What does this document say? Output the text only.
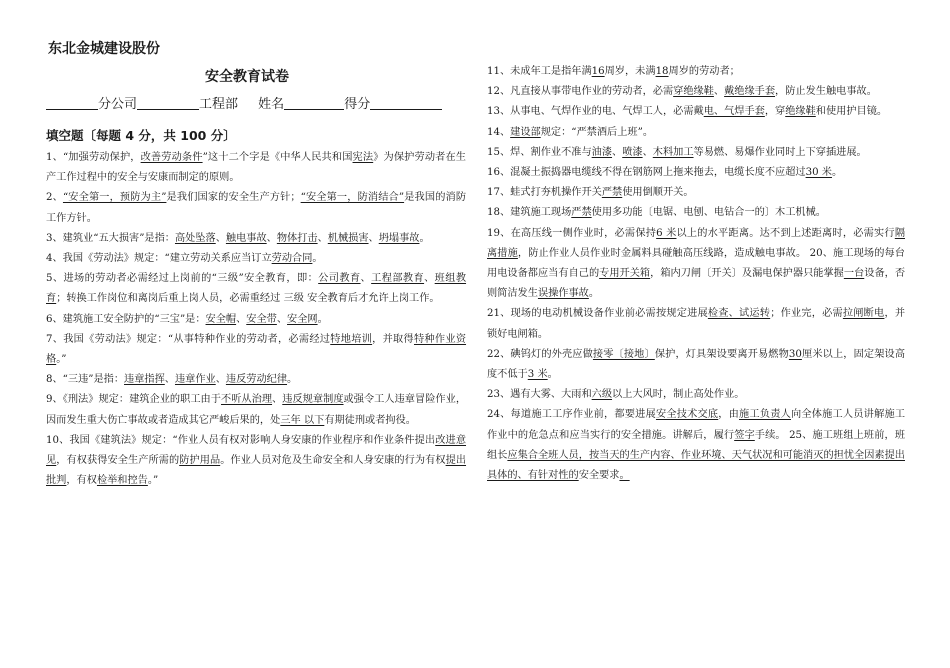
东北金城建设股份
安全教育试卷
分公司	工程部 姓名	得分
填空题〔每题 4 分，共 100 分〕

1、“加强劳动保护，改善劳动条件”这十二个字是《中华人民共和国宪法》为保护劳动者在生产工作过程中的安全与安康而制定的原则。

2、“安全第一，预防为主”是我们国家的安全生产方针；“安全第一，防消结合”是我国的消防工作方针。

3、建筑业“五大损害”是指：高处坠落、触电事故、物体打击、机械损害、坍塌事故。

4、我国《劳动法》规定：“建立劳动关系应当订立劳动合同。

5、进场的劳动者必需经过上岗前的“三级”安全教育，即：公司教育、工程部教育、班组教育；转换工作岗位和离岗后重上岗人员，必需重经过 三级 安全教育后才允许上岗工作。

6、建筑施工安全防护的“三宝”是：安全帽、安全带、安全网。

7、我国《劳动法》规定：“从事特种作业的劳动者，必需经过特地培训，并取得特种作业资格。”

8、“三违”是指：违章指挥、违章作业、违反劳动纪律。

9、《刑法》规定：建筑企业的职工由于不听从治理、违反规章制度或强令工人违章冒险作业，因而发生重大伤亡事故或者造成其它严峻后果的，处三年 以下有期徒刑或者拘役。

10、我国《建筑法》规定：“作业人员有权对影响人身安康的作业程序和作业条件提出改进意见，有权获得安全生产所需的防护用品。作业人员对危及生命安全和人身安康的行为有权提出批判，有权检举和控告。”

11、未成年工是指年满16周岁，未满18周岁的劳动者；

12、凡直接从事带电作业的劳动者，必需穿绝缘鞋、戴绝缘手套，防止发生触电事故。

13、从事电、气焊作业的电、气焊工人，必需戴电、气焊手套，穿绝缘鞋和使用护目镜。

14、建设部规定：“严禁酒后上班”。

15、焊、割作业不准与油漆、喷漆、木料加工等易燃、易爆作业同时上下穿插进展。

16、混凝土振捣器电缆线不得在钢筋网上拖来拖去，电缆长度不应超过30 米。

17、蛙式打夯机操作开关严禁使用倒顺开关。

18、建筑施工现场严禁使用多功能〔电锯、电刨、电钻合一的〕木工机械。

19、在高压线一侧作业时，必需保持6 米以上的水平距离。达不到上述距离时，必需实行隔离措施，防止作业人员作业时金属料具碰触高压线路，造成触电事故。 20、施工现场的每台用电设备都应当有自己的专用开关箱，箱内刀闸〔开关〕及漏电保护器只能掌握一台设备，否则简洁发生误操作事故。

21、现场的电动机械设备作业前必需按规定进展检查、试运转；作业完，必需拉闸断电，并锁好电闸箱。

22、碘钨灯的外壳应做接零〔接地〕保护，灯具架设要离开易燃物30厘米以上，固定架设高度不低于3 米。

23、遇有大雾、大雨和六级以上大风时，制止高处作业。

24、每道施工工序作业前，都要进展安全技术交底，由施工负责人向全体施工人员讲解施工作业中的危急点和应当实行的安全措施。讲解后，履行签字手续。 25、施工班组上班前，班组长应集合全班人员，按当天的生产内容、作业环境、天气状况和可能消灭的担忧全因素提出具体的、有针对性的安全要求。
